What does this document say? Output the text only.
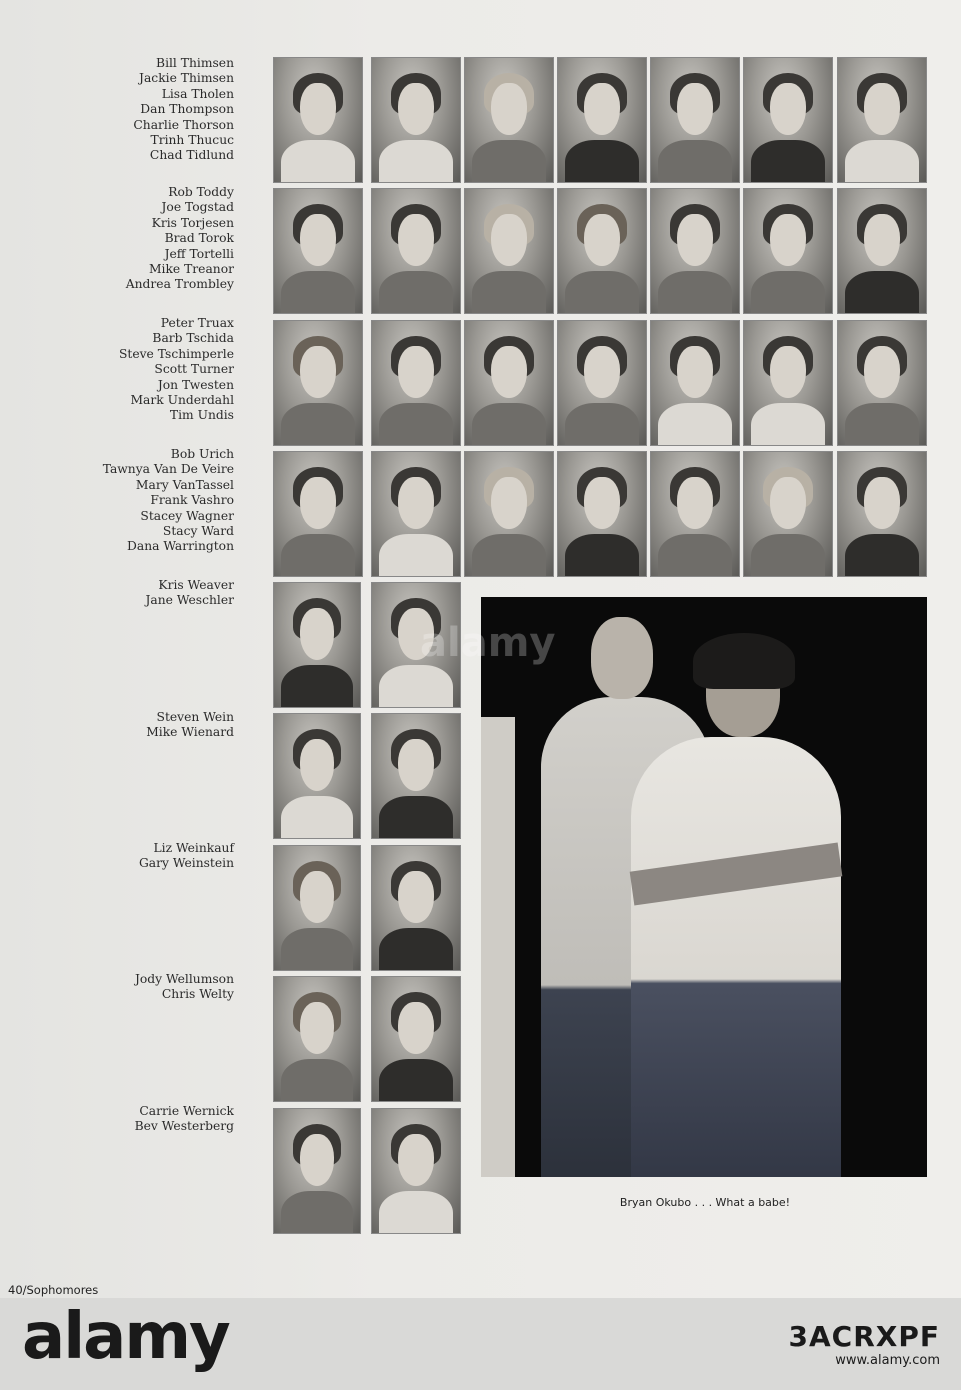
Bill Thimsen
Jackie Thimsen
Lisa Tholen
Dan Thompson
Charlie Thorson
Trinh Thucuc
Chad Tidlund
Rob Toddy
Joe Togstad
Kris Torjesen
Brad Torok
Jeff Tortelli
Mike Treanor
Andrea Trombley
Peter Truax
Barb Tschida
Steve Tschimperle
Scott Turner
Jon Twesten
Mark Underdahl
Tim Undis
Bob Urich
Tawnya Van De Veire
Mary VanTassel
Frank Vashro
Stacey Wagner
Stacy Ward
Dana Warrington
Kris Weaver
Jane Weschler
Steven Wein
Mike Wienard
Liz Weinkauf
Gary Weinstein
Jody Wellumson
Chris Welty
Carrie Wernick
Bev Westerberg
Bryan Okubo . . . What a babe!
40/Sophomores
alamy
alamy	3ACRXPF
www.alamy.com
